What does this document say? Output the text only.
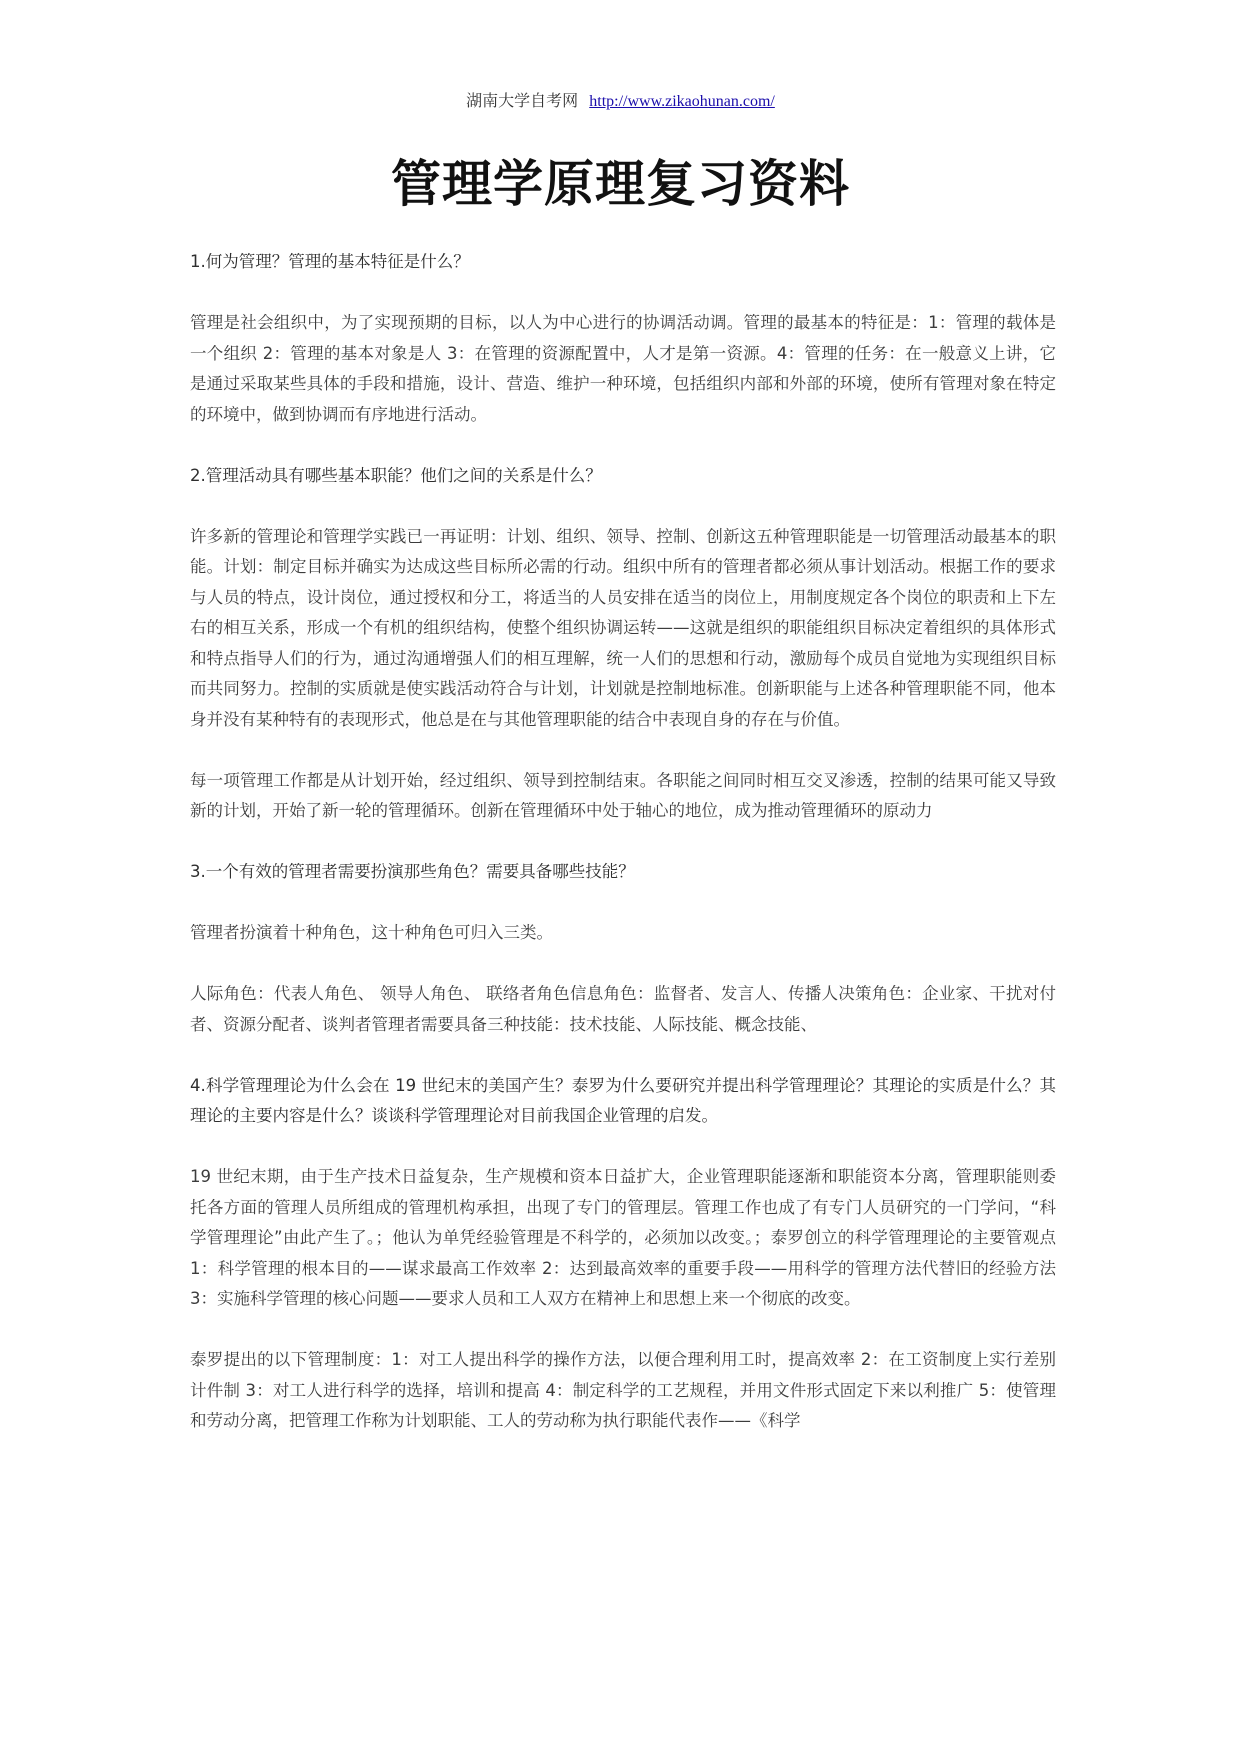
湖南大学自考网 http://www.zikaohunan.com/
管理学原理复习资料

1.何为管理？管理的基本特征是什么？

管理是社会组织中，为了实现预期的目标，以人为中心进行的协调活动调。管理的最基本的特征是：1：管理的载体是一个组织 2：管理的基本对象是人 3：在管理的资源配置中，人才是第一资源。4：管理的任务：在一般意义上讲，它是通过采取某些具体的手段和措施，设计、营造、维护一种环境，包括组织内部和外部的环境，使所有管理对象在特定的环境中，做到协调而有序地进行活动。

2.管理活动具有哪些基本职能？他们之间的关系是什么？

许多新的管理论和管理学实践已一再证明：计划、组织、领导、控制、创新这五种管理职能是一切管理活动最基本的职能。计划：制定目标并确实为达成这些目标所必需的行动。组织中所有的管理者都必须从事计划活动。根据工作的要求与人员的特点，设计岗位，通过授权和分工，将适当的人员安排在适当的岗位上，用制度规定各个岗位的职责和上下左右的相互关系，形成一个有机的组织结构，使整个组织协调运转——这就是组织的职能组织目标决定着组织的具体形式和特点指导人们的行为，通过沟通增强人们的相互理解，统一人们的思想和行动，激励每个成员自觉地为实现组织目标而共同努力。控制的实质就是使实践活动符合与计划，计划就是控制地标准。创新职能与上述各种管理职能不同，他本身并没有某种特有的表现形式，他总是在与其他管理职能的结合中表现自身的存在与价值。

每一项管理工作都是从计划开始，经过组织、领导到控制结束。各职能之间同时相互交叉渗透，控制的结果可能又导致新的计划，开始了新一轮的管理循环。创新在管理循环中处于轴心的地位，成为推动管理循环的原动力

3.一个有效的管理者需要扮演那些角色？需要具备哪些技能？

管理者扮演着十种角色，这十种角色可归入三类。

人际角色：代表人角色、 领导人角色、 联络者角色信息角色：监督者、发言人、传播人决策角色：企业家、干扰对付者、资源分配者、谈判者管理者需要具备三种技能：技术技能、人际技能、概念技能、

4.科学管理理论为什么会在 19 世纪末的美国产生？泰罗为什么要研究并提出科学管理理论？其理论的实质是什么？其理论的主要内容是什么？谈谈科学管理理论对目前我国企业管理的启发。

19 世纪末期，由于生产技术日益复杂，生产规模和资本日益扩大，企业管理职能逐渐和职能资本分离，管理职能则委托各方面的管理人员所组成的管理机构承担，出现了专门的管理层。管理工作也成了有专门人员研究的一门学问，“科学管理理论”由此产生了。；他认为单凭经验管理是不科学的，必须加以改变。；泰罗创立的科学管理理论的主要管观点 1：科学管理的根本目的——谋求最高工作效率 2：达到最高效率的重要手段——用科学的管理方法代替旧的经验方法 3：实施科学管理的核心问题——要求人员和工人双方在精神上和思想上来一个彻底的改变。

泰罗提出的以下管理制度：1：对工人提出科学的操作方法，以便合理利用工时，提高效率 2：在工资制度上实行差别计件制 3：对工人进行科学的选择，培训和提高 4：制定科学的工艺规程，并用文件形式固定下来以利推广 5：使管理和劳动分离，把管理工作称为计划职能、工人的劳动称为执行职能代表作——《科学
